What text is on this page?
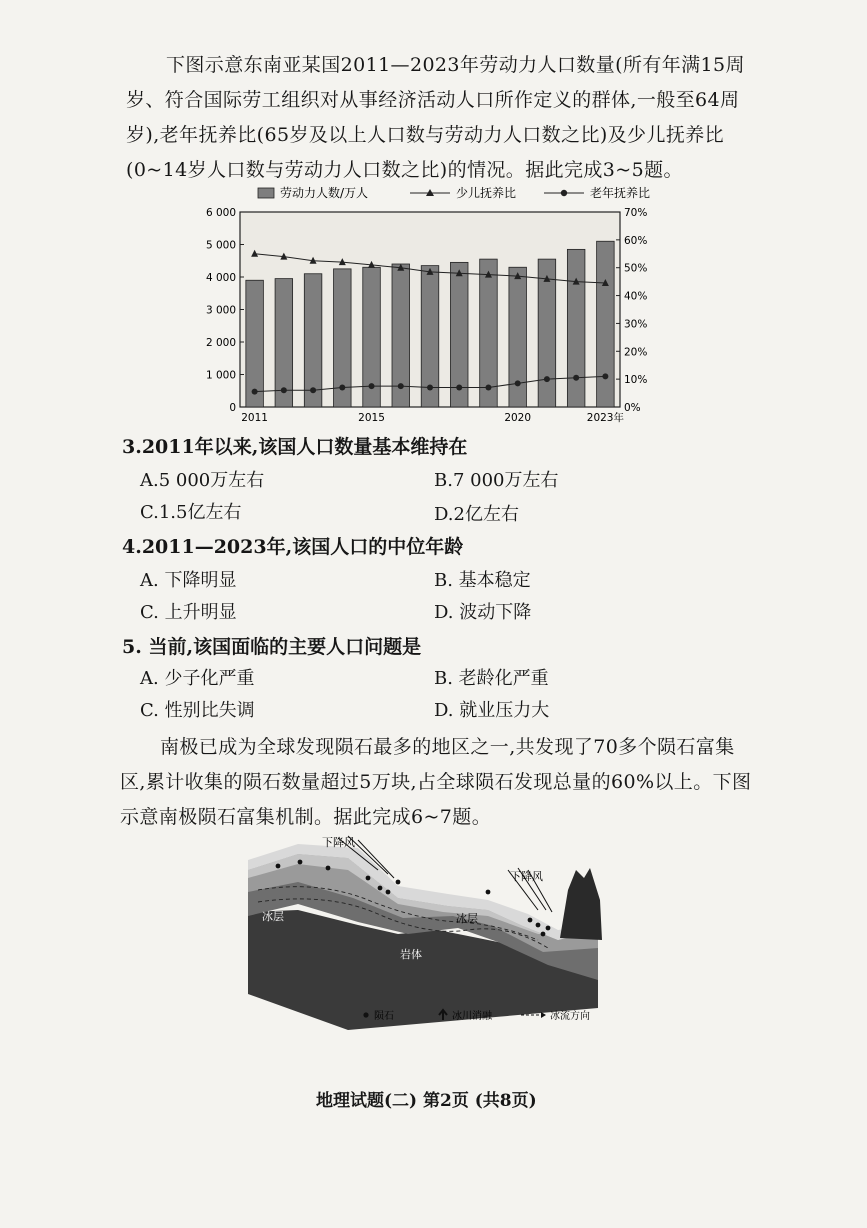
下图示意东南亚某国2011—2023年劳动力人口数量(所有年满15周岁、符合国际劳工组织对从事经济活动人口所作定义的群体,一般至64周岁),老年抚养比(65岁及以上人口数与劳动力人口数之比)及少儿抚养比(0~14岁人口数与劳动力人口数之比)的情况。据此完成3~5题。
劳动力人数/万人	少儿抚养比	老年抚养比
6 000
5 000
4 000
3 000
2 000
1 000
0
70%
60%
50%
40%
30%
20%
10%
0%
2011	2015	2020	2023年
3.2011年以来,该国人口数量基本维持在
A.5 000万左右	B.7 000万左右
C.1.5亿左右	D.2亿左右
4.2011—2023年,该国人口的中位年龄
A. 下降明显	B. 基本稳定
C. 上升明显	D. 波动下降
5. 当前,该国面临的主要人口问题是
A. 少子化严重	B. 老龄化严重
C. 性别比失调	D. 就业压力大
南极已成为全球发现陨石最多的地区之一,共发现了70多个陨石富集区,累计收集的陨石数量超过5万块,占全球陨石发现总量的60%以上。下图示意南极陨石富集机制。据此完成6~7题。
下降风
下降风
冰层	冰层
岩体
陨石	冰川消融	冰流方向
地理试题(二) 第2页 (共8页)
